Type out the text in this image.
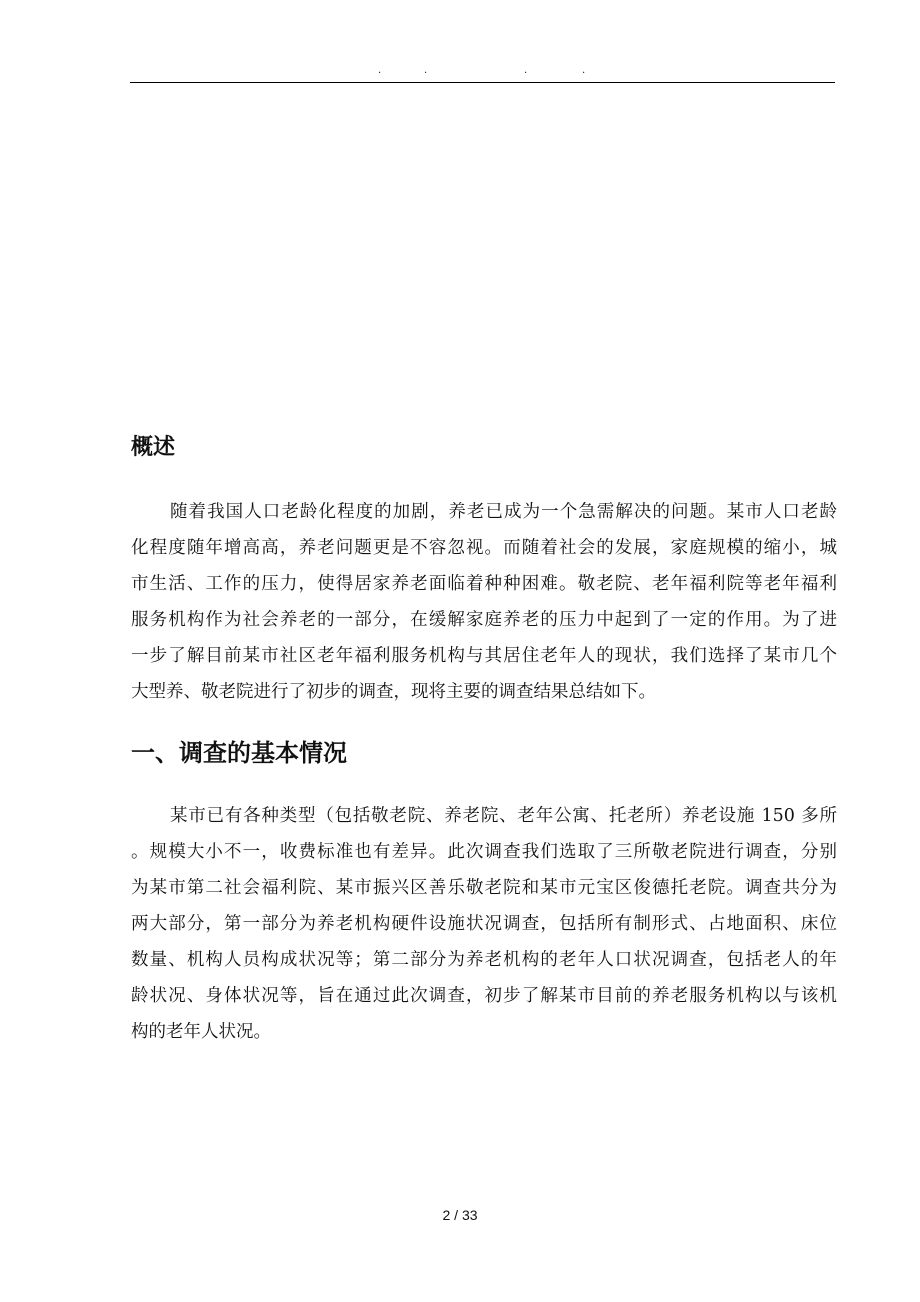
.	.	.	.
概述
随着我国人口老龄化程度的加剧，养老已成为一个急需解决的问题。某市人口老龄
化程度随年增高高，养老问题更是不容忽视。而随着社会的发展，家庭规模的缩小，城
市生活、工作的压力，使得居家养老面临着种种困难。敬老院、老年福利院等老年福利
服务机构作为社会养老的一部分，在缓解家庭养老的压力中起到了一定的作用。为了进
一步了解目前某市社区老年福利服务机构与其居住老年人的现状，我们选择了某市几个
大型养、敬老院进行了初步的调查，现将主要的调查结果总结如下。
一、调查的基本情况
某市已有各种类型（包括敬老院、养老院、老年公寓、托老所）养老设施 150 多所
。规模大小不一，收费标准也有差异。此次调查我们选取了三所敬老院进行调查，分别
为某市第二社会福利院、某市振兴区善乐敬老院和某市元宝区俊德托老院。调查共分为
两大部分，第一部分为养老机构硬件设施状况调查，包括所有制形式、占地面积、床位
数量、机构人员构成状况等；第二部分为养老机构的老年人口状况调查，包括老人的年
龄状况、身体状况等，旨在通过此次调查，初步了解某市目前的养老服务机构以与该机
构的老年人状况。
2 / 33
